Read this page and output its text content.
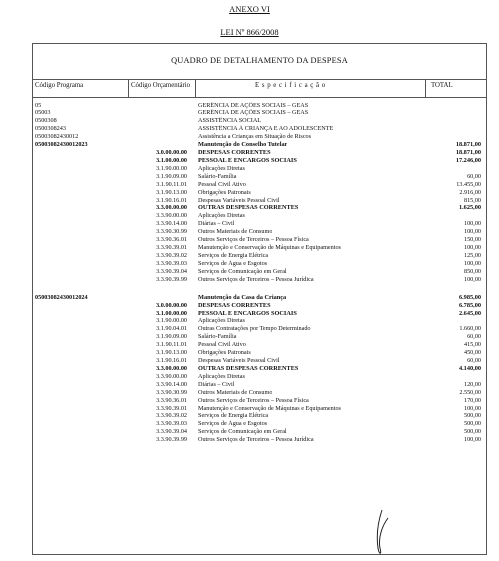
ANEXO VI
LEI Nº 866/2008
QUADRO DE DETALHAMENTO DA DESPESA
Código Programa	Código Orçamentário	E s p e c i f i c a ç ã o	TOTAL
05	GERÊNCIA DE AÇÕES SOCIAIS – GEAS
05003	GERÊNCIA DE AÇÕES SOCIAIS – GEAS
0500308	ASSISTÊNCIA SOCIAL
0500308243	ASSISTÊNCIA À CRIANÇA E AO ADOLESCENTE
05003082430012	Assistência a Crianças em Situação de Riscos
05003082430012023	Manutenção do Conselho Tutelar	18.871,00
3.0.00.00.00 DESPESAS CORRENTES	18.871,00
3.1.00.00.00 PESSOAL E ENCARGOS SOCIAIS	17.246,00
3.1.90.00.00 Aplicações Diretas
3.1.90.09.00 Salário-Família	60,00
3.1.90.11.01 Pessoal Civil Ativo	13.455,00
3.1.90.13.00 Obrigações Patronais	2.916,00
3.1.90.16.01 Despesas Variáveis Pessoal Civil	815,00
3.3.00.00.00 OUTRAS DESPESAS CORRENTES	1.625,00
3.3.90.00.00 Aplicações Diretas
3.3.90.14.00 Diárias – Civil	100,00
3.3.90.30.99 Outros Materiais de Consumo	100,00
3.3.90.36.01 Outros Serviços de Terceiros – Pessoa Física	150,00
3.3.90.39.01 Manutenção e Conservação de Máquinas e Equipamentos	100,00
3.3.90.39.02 Serviços de Energia Elétrica	125,00
3.3.90.39.03 Serviços de Água e Esgotos	100,00
3.3.90.39.04 Serviços de Comunicação em Geral	850,00
3.3.90.39.99 Outros Serviços de Terceiros – Pessoa Jurídica	100,00
05003082430012024	Manutenção da Casa da Criança	6.985,00
3.0.00.00.00 DESPESAS CORRENTES	6.785,00
3.1.00.00.00 PESSOAL E ENCARGOS SOCIAIS	2.645,00
3.1.90.00.00 Aplicações Diretas
3.1.90.04.01 Outras Contratações por Tempo Determinado	1.660,00
3.1.90.09.00 Salário-Família	60,00
3.1.90.11.01 Pessoal Civil Ativo	415,00
3.1.90.13.00 Obrigações Patronais	450,00
3.1.90.16.01 Despesas Variáveis Pessoal Civil	60,00
3.3.00.00.00 OUTRAS DESPESAS CORRENTES	4.140,00
3.3.90.00.00 Aplicações Diretas
3.3.90.14.00 Diárias – Civil	120,00
3.3.90.30.99 Outros Materiais de Consumo	2.550,00
3.3.90.36.01 Outros Serviços de Terceiros – Pessoa Física	170,00
3.3.90.39.01 Manutenção e Conservação de Máquinas e Equipamentos	100,00
3.3.90.39.02 Serviços de Energia Elétrica	500,00
3.3.90.39.03 Serviços de Água e Esgotos	500,00
3.3.90.39.04 Serviços de Comunicação em Geral	500,00
3.3.90.39.99 Outros Serviços de Terceiros – Pessoa Jurídica	100,00
